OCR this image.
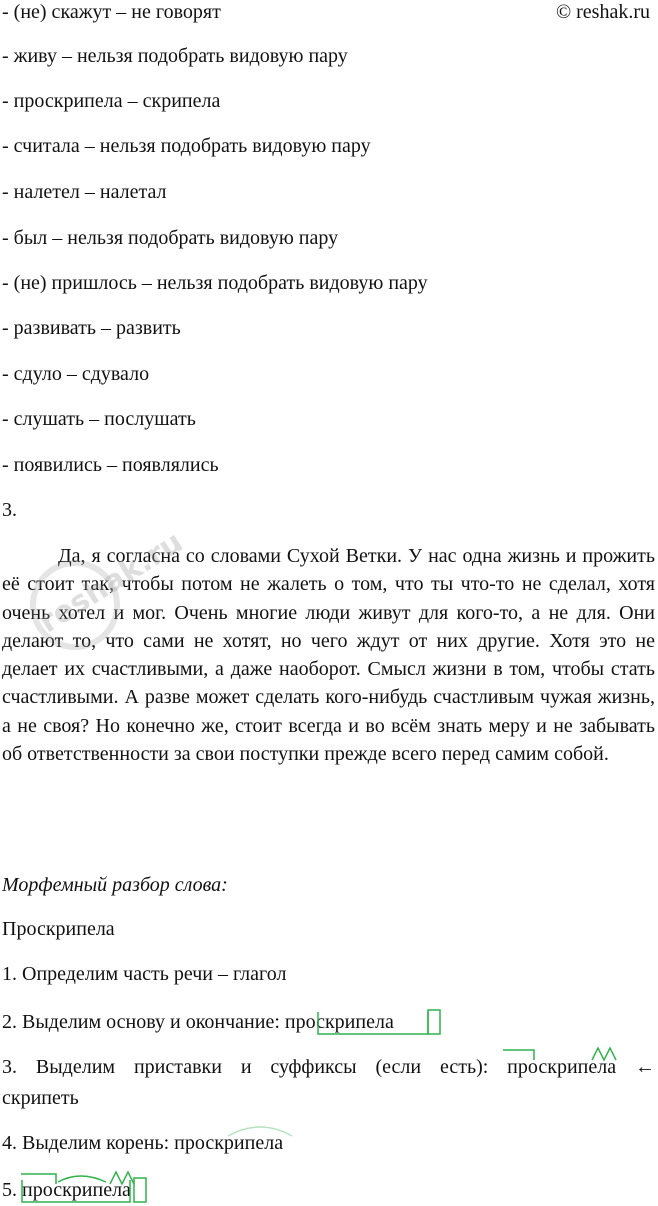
© reshak.ru
- (не) скажут – не говорят
- живу – нельзя подобрать видовую пару
- проскрипела – скрипела
- считала – нельзя подобрать видовую пару
- налетел – налетал
- был – нельзя подобрать видовую пару
- (не) пришлось – нельзя подобрать видовую пару
- развивать – развить
- сдуло – сдувало
- слушать – послушать
- появились – появлялись
3.
Да, я согласна со словами Сухой Ветки. У нас одна жизнь и прожить её стоит так, чтобы потом не жалеть о том, что ты что-то не сделал, хотя очень хотел и мог. Очень многие люди живут для кого-то, а не для. Они делают то, что сами не хотят, но чего ждут от них другие. Хотя это не делает их счастливыми, а даже наоборот. Смысл жизни в том, чтобы стать счастливыми. А разве может сделать кого-нибудь счастливым чужая жизнь, а не своя? Но конечно же, стоит всегда и во всём знать меру и не забывать об ответственности за свои поступки прежде всего перед самим собой.
reshak.ru
Морфемный разбор слова:
Проскрипела
1. Определим часть речи – глагол
2. Выделим основу и окончание: проскрипела
3. Выделим приставки и суффиксы (если есть): проскрипела ←
скрипеть
4. Выделим корень: проскрипела
5. проскрипела
